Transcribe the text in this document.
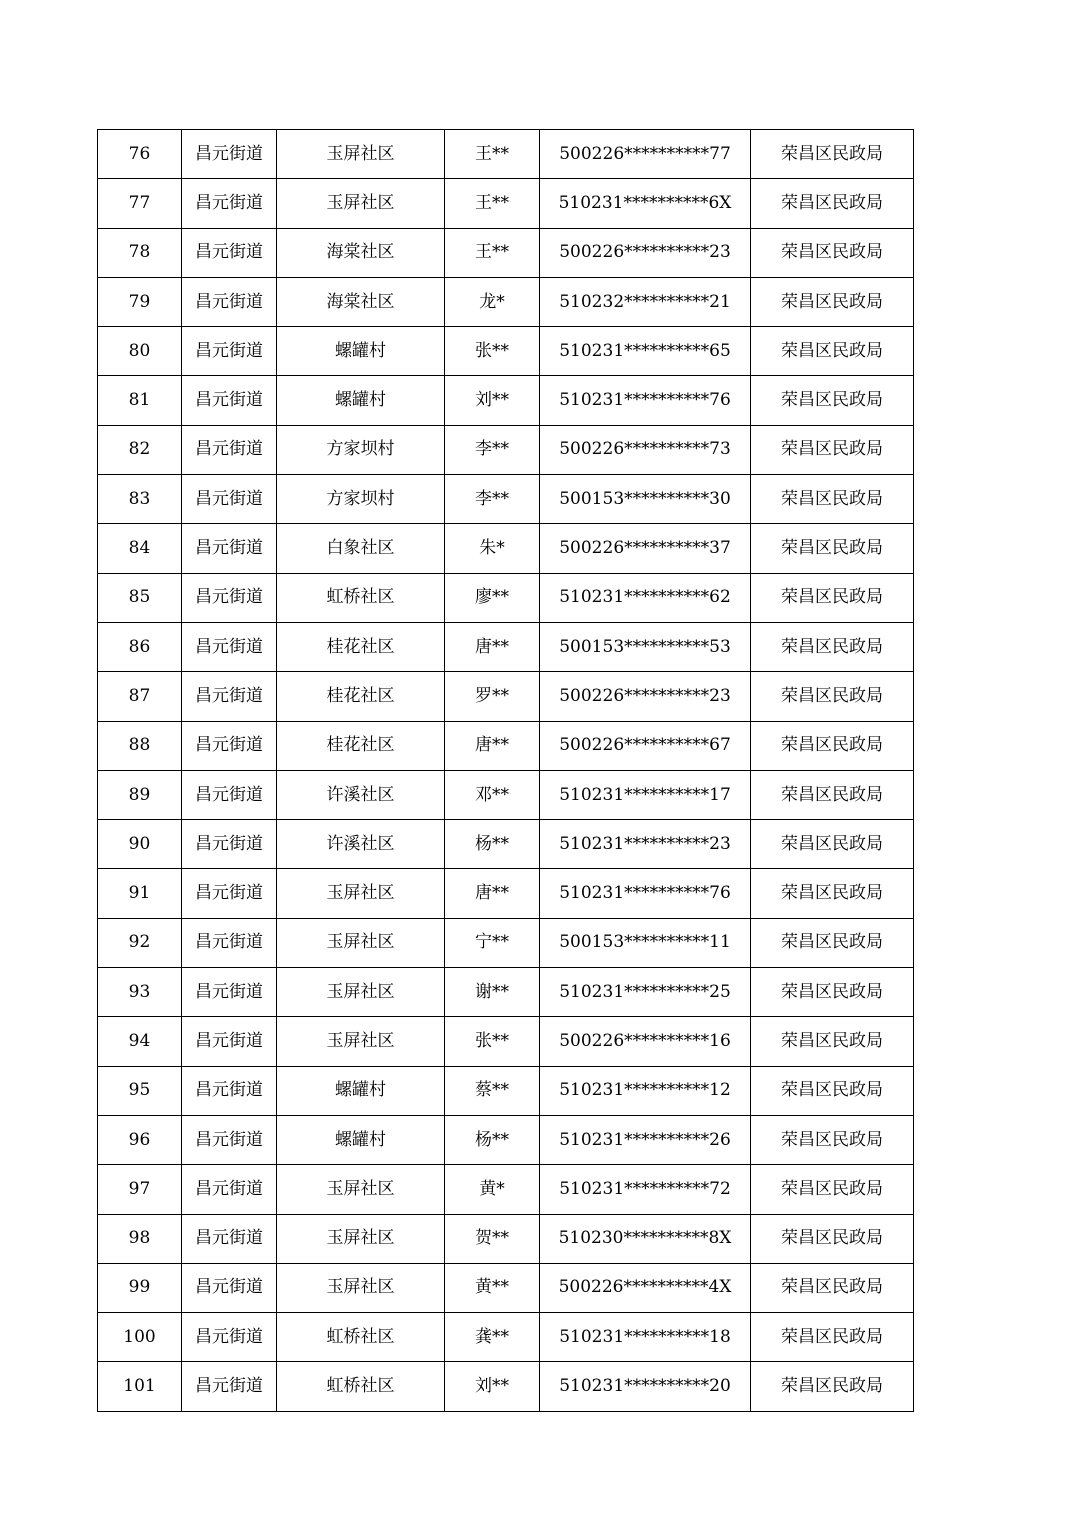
76	昌元街道	玉屏社区	王**	500226**********77	荣昌区民政局
77	昌元街道	玉屏社区	王**	510231**********6X	荣昌区民政局
78	昌元街道	海棠社区	王**	500226**********23	荣昌区民政局
79	昌元街道	海棠社区	龙*	510232**********21	荣昌区民政局
80	昌元街道	螺罐村	张**	510231**********65	荣昌区民政局
81	昌元街道	螺罐村	刘**	510231**********76	荣昌区民政局
82	昌元街道	方家坝村	李**	500226**********73	荣昌区民政局
83	昌元街道	方家坝村	李**	500153**********30	荣昌区民政局
84	昌元街道	白象社区	朱*	500226**********37	荣昌区民政局
85	昌元街道	虹桥社区	廖**	510231**********62	荣昌区民政局
86	昌元街道	桂花社区	唐**	500153**********53	荣昌区民政局
87	昌元街道	桂花社区	罗**	500226**********23	荣昌区民政局
88	昌元街道	桂花社区	唐**	500226**********67	荣昌区民政局
89	昌元街道	许溪社区	邓**	510231**********17	荣昌区民政局
90	昌元街道	许溪社区	杨**	510231**********23	荣昌区民政局
91	昌元街道	玉屏社区	唐**	510231**********76	荣昌区民政局
92	昌元街道	玉屏社区	宁**	500153**********11	荣昌区民政局
93	昌元街道	玉屏社区	谢**	510231**********25	荣昌区民政局
94	昌元街道	玉屏社区	张**	500226**********16	荣昌区民政局
95	昌元街道	螺罐村	蔡**	510231**********12	荣昌区民政局
96	昌元街道	螺罐村	杨**	510231**********26	荣昌区民政局
97	昌元街道	玉屏社区	黄*	510231**********72	荣昌区民政局
98	昌元街道	玉屏社区	贺**	510230**********8X	荣昌区民政局
99	昌元街道	玉屏社区	黄**	500226**********4X	荣昌区民政局
100	昌元街道	虹桥社区	龚**	510231**********18	荣昌区民政局
101	昌元街道	虹桥社区	刘**	510231**********20	荣昌区民政局
